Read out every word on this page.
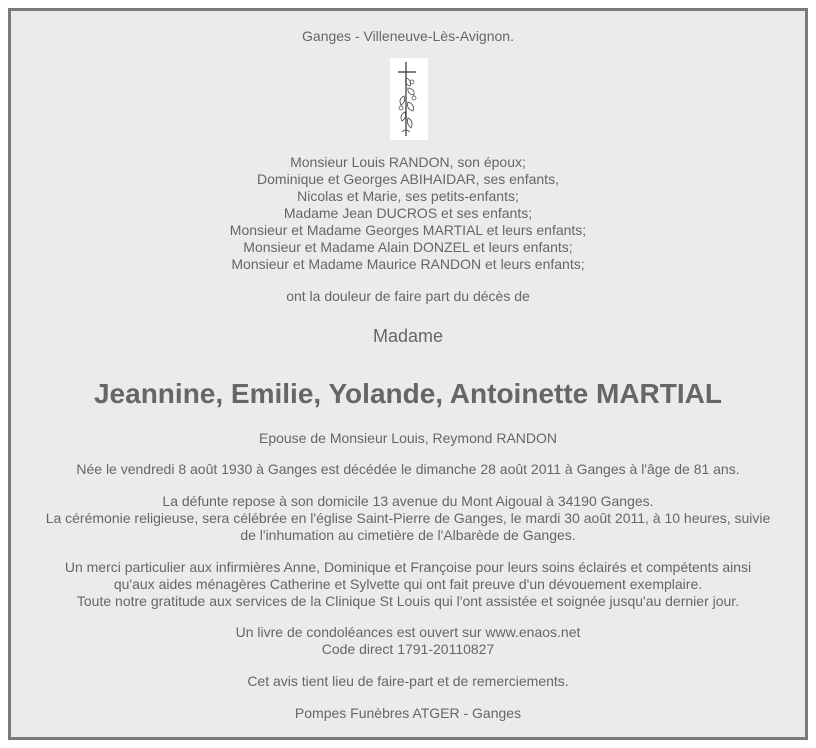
Ganges - Villeneuve-Lès-Avignon.
Monsieur Louis RANDON, son époux;
Dominique et Georges ABIHAIDAR, ses enfants,
Nicolas et Marie, ses petits-enfants;
Madame Jean DUCROS et ses enfants;
Monsieur et Madame Georges MARTIAL et leurs enfants;
Monsieur et Madame Alain DONZEL et leurs enfants;
Monsieur et Madame Maurice RANDON et leurs enfants;
ont la douleur de faire part du décès de
Madame
Jeannine, Emilie, Yolande, Antoinette MARTIAL
Epouse de Monsieur Louis, Reymond RANDON
Née le vendredi 8 août 1930 à Ganges est décédée le dimanche 28 août 2011 à Ganges à l'âge de 81 ans.
La défunte repose à son domicile 13 avenue du Mont Aigoual à 34190 Ganges.
La cérémonie religieuse, sera célébrée en l'église Saint-Pierre de Ganges, le mardi 30 août 2011, à 10 heures, suivie
de l'inhumation au cimetière de l'Albarède de Ganges.
Un merci particulier aux infirmières Anne, Dominique et Françoise pour leurs soins éclairés et compétents ainsi
qu'aux aides ménagères Catherine et Sylvette qui ont fait preuve d'un dévouement exemplaire.
Toute notre gratitude aux services de la Clinique St Louis qui l'ont assistée et soignée jusqu'au dernier jour.
Un livre de condoléances est ouvert sur www.enaos.net
Code direct 1791-20110827
Cet avis tient lieu de faire-part et de remerciements.
Pompes Funèbres ATGER - Ganges
